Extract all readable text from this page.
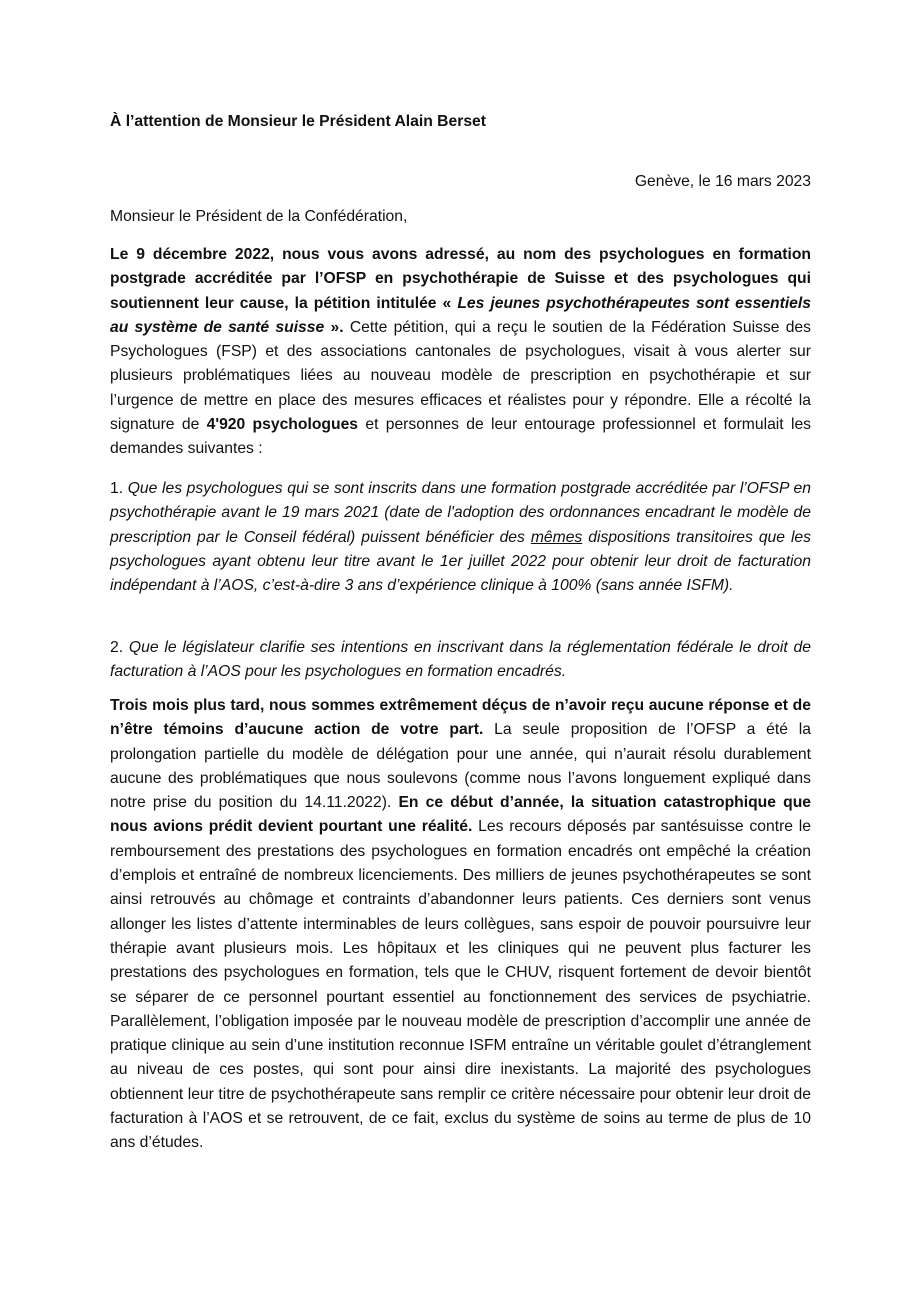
À l’attention de Monsieur le Président Alain Berset

Genève, le 16 mars 2023

Monsieur le Président de la Confédération,

Le 9 décembre 2022, nous vous avons adressé, au nom des psychologues en formation postgrade accréditée par l’OFSP en psychothérapie de Suisse et des psychologues qui soutiennent leur cause, la pétition intitulée « Les jeunes psychothérapeutes sont essentiels au système de santé suisse ». Cette pétition, qui a reçu le soutien de la Fédération Suisse des Psychologues (FSP) et des associations cantonales de psychologues, visait à vous alerter sur plusieurs problématiques liées au nouveau modèle de prescription en psychothérapie et sur l’urgence de mettre en place des mesures efficaces et réalistes pour y répondre. Elle a récolté la signature de 4'920 psychologues et personnes de leur entourage professionnel et formulait les demandes suivantes :

1. Que les psychologues qui se sont inscrits dans une formation postgrade accréditée par l’OFSP en psychothérapie avant le 19 mars 2021 (date de l'adoption des ordonnances encadrant le modèle de prescription par le Conseil fédéral) puissent bénéficier des mêmes dispositions transitoires que les psychologues ayant obtenu leur titre avant le 1er juillet 2022 pour obtenir leur droit de facturation indépendant à l’AOS, c’est-à-dire 3 ans d’expérience clinique à 100% (sans année ISFM).

2. Que le législateur clarifie ses intentions en inscrivant dans la réglementation fédérale le droit de facturation à l’AOS pour les psychologues en formation encadrés.

Trois mois plus tard, nous sommes extrêmement déçus de n’avoir reçu aucune réponse et de n’être témoins d’aucune action de votre part. La seule proposition de l’OFSP a été la prolongation partielle du modèle de délégation pour une année, qui n’aurait résolu durablement aucune des problématiques que nous soulevons (comme nous l’avons longuement expliqué dans notre prise du position du 14.11.2022). En ce début d’année, la situation catastrophique que nous avions prédit devient pourtant une réalité. Les recours déposés par santésuisse contre le remboursement des prestations des psychologues en formation encadrés ont empêché la création d’emplois et entraîné de nombreux licenciements. Des milliers de jeunes psychothérapeutes se sont ainsi retrouvés au chômage et contraints d’abandonner leurs patients. Ces derniers sont venus allonger les listes d’attente interminables de leurs collègues, sans espoir de pouvoir poursuivre leur thérapie avant plusieurs mois. Les hôpitaux et les cliniques qui ne peuvent plus facturer les prestations des psychologues en formation, tels que le CHUV, risquent fortement de devoir bientôt se séparer de ce personnel pourtant essentiel au fonctionnement des services de psychiatrie. Parallèlement, l’obligation imposée par le nouveau modèle de prescription d’accomplir une année de pratique clinique au sein d’une institution reconnue ISFM entraîne un véritable goulet d’étranglement au niveau de ces postes, qui sont pour ainsi dire inexistants. La majorité des psychologues obtiennent leur titre de psychothérapeute sans remplir ce critère nécessaire pour obtenir leur droit de facturation à l’AOS et se retrouvent, de ce fait, exclus du système de soins au terme de plus de 10 ans d’études.
